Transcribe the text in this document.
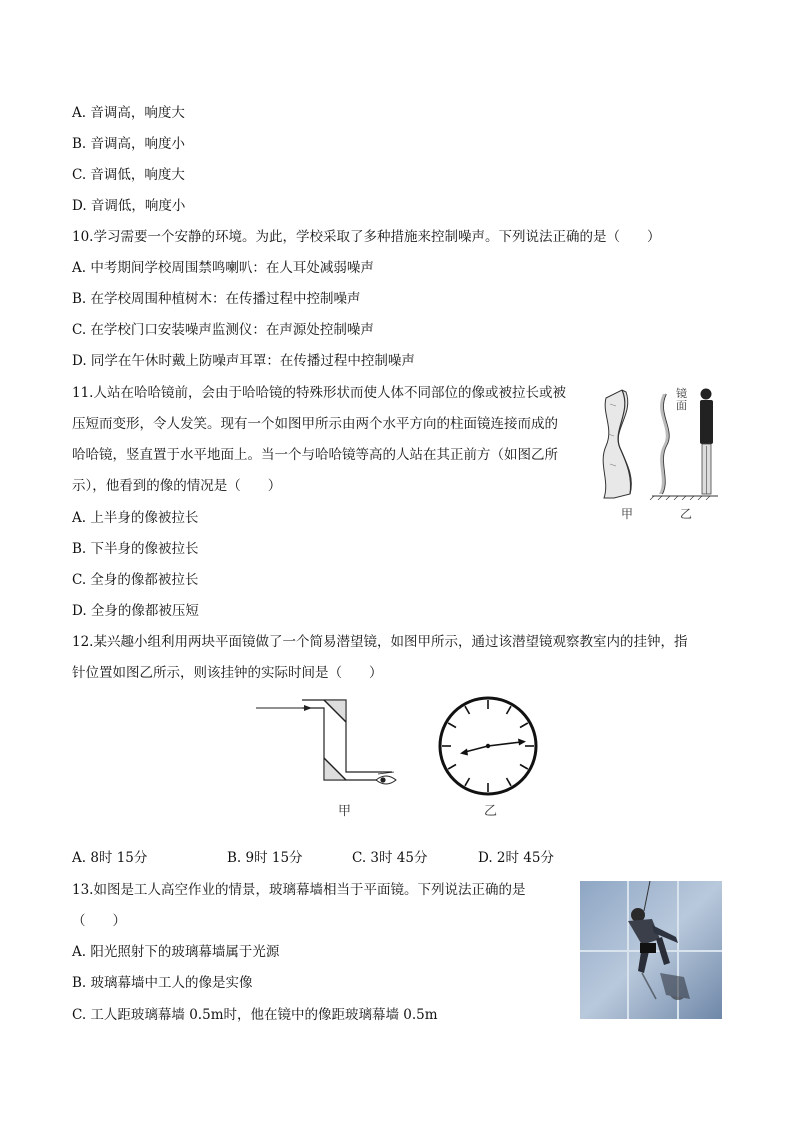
A. 音调高，响度大
B. 音调高，响度小
C. 音调低，响度大
D. 音调低，响度小
10.学习需要一个安静的环境。为此，学校采取了多种措施来控制噪声。下列说法正确的是（　　）
A. 中考期间学校周围禁鸣喇叭：在人耳处减弱噪声
B. 在学校周围种植树木：在传播过程中控制噪声
C. 在学校门口安装噪声监测仪：在声源处控制噪声
D. 同学在午休时戴上防噪声耳罩：在传播过程中控制噪声
11.人站在哈哈镜前，会由于哈哈镜的特殊形状而使人体不同部位的像或被拉长或被
压短而变形，令人发笑。现有一个如图甲所示由两个水平方向的柱面镜连接而成的
哈哈镜，竖直置于水平地面上。当一个与哈哈镜等高的人站在其正前方（如图乙所
示），他看到的像的情况是（　　）
A. 上半身的像被拉长
B. 下半身的像被拉长
C. 全身的像都被拉长
D. 全身的像都被压短
甲	乙
镜面
12.某兴趣小组利用两块平面镜做了一个简易潜望镜，如图甲所示，通过该潜望镜观察教室内的挂钟，指
针位置如图乙所示，则该挂钟的实际时间是（　　）
甲	乙
A. 8时 15分	B. 9时 15分	C. 3时 45分	D. 2时 45分
13.如图是工人高空作业的情景，玻璃幕墙相当于平面镜。下列说法正确的是
（　　）
A. 阳光照射下的玻璃幕墙属于光源
B. 玻璃幕墙中工人的像是实像
C. 工人距玻璃幕墙 0.5m时，他在镜中的像距玻璃幕墙 0.5m
